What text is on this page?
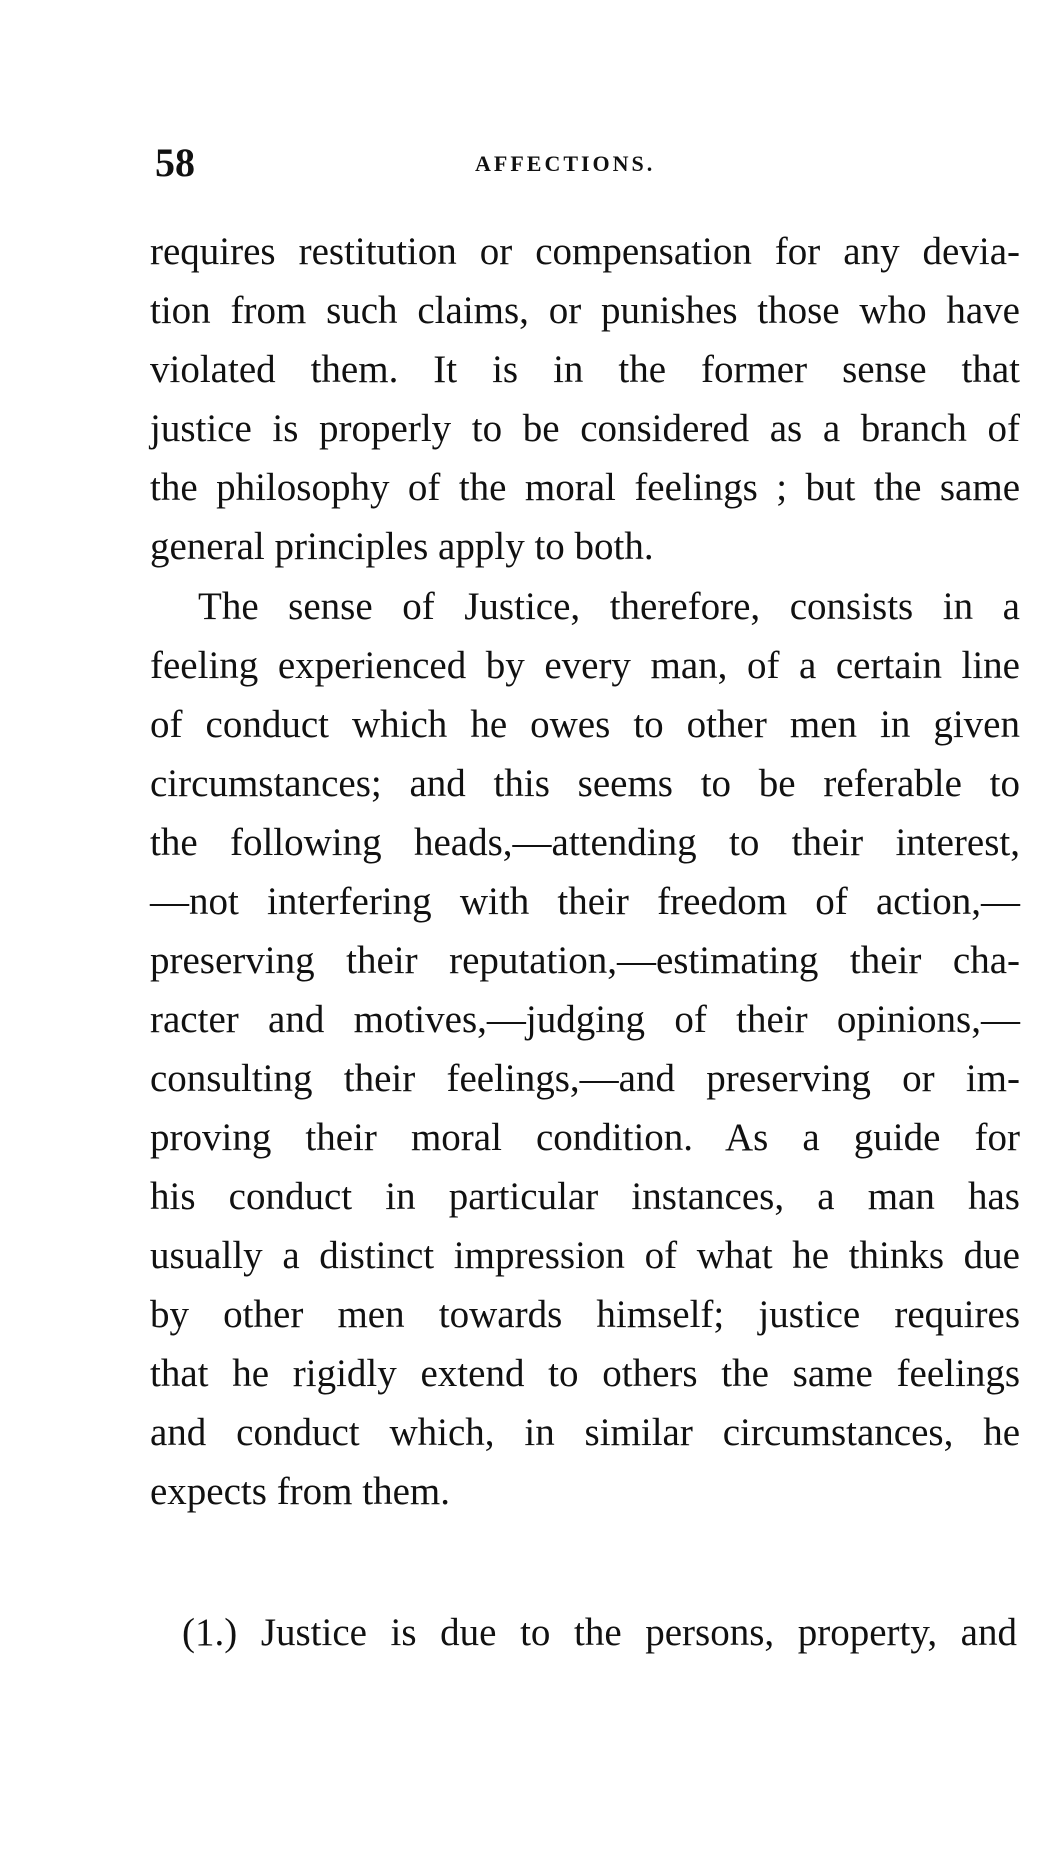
58	AFFECTIONS.
requires restitution or compensation for any devia-
tion from such claims, or punishes those who have
violated them. It is in the former sense that
justice is properly to be considered as a branch of
the philosophy of the moral feelings ; but the same
general principles apply to both.
The sense of Justice, therefore, consists in a
feeling experienced by every man, of a certain line
of conduct which he owes to other men in given
circumstances; and this seems to be referable to
the following heads,—attending to their interest,
—not interfering with their freedom of action,—
preserving their reputation,—estimating their cha-
racter and motives,—judging of their opinions,—
consulting their feelings,—and preserving or im-
proving their moral condition. As a guide for
his conduct in particular instances, a man has
usually a distinct impression of what he thinks due
by other men towards himself; justice requires
that he rigidly extend to others the same feelings
and conduct which, in similar circumstances, he
expects from them.
(1.) Justice is due to the persons, property, and
